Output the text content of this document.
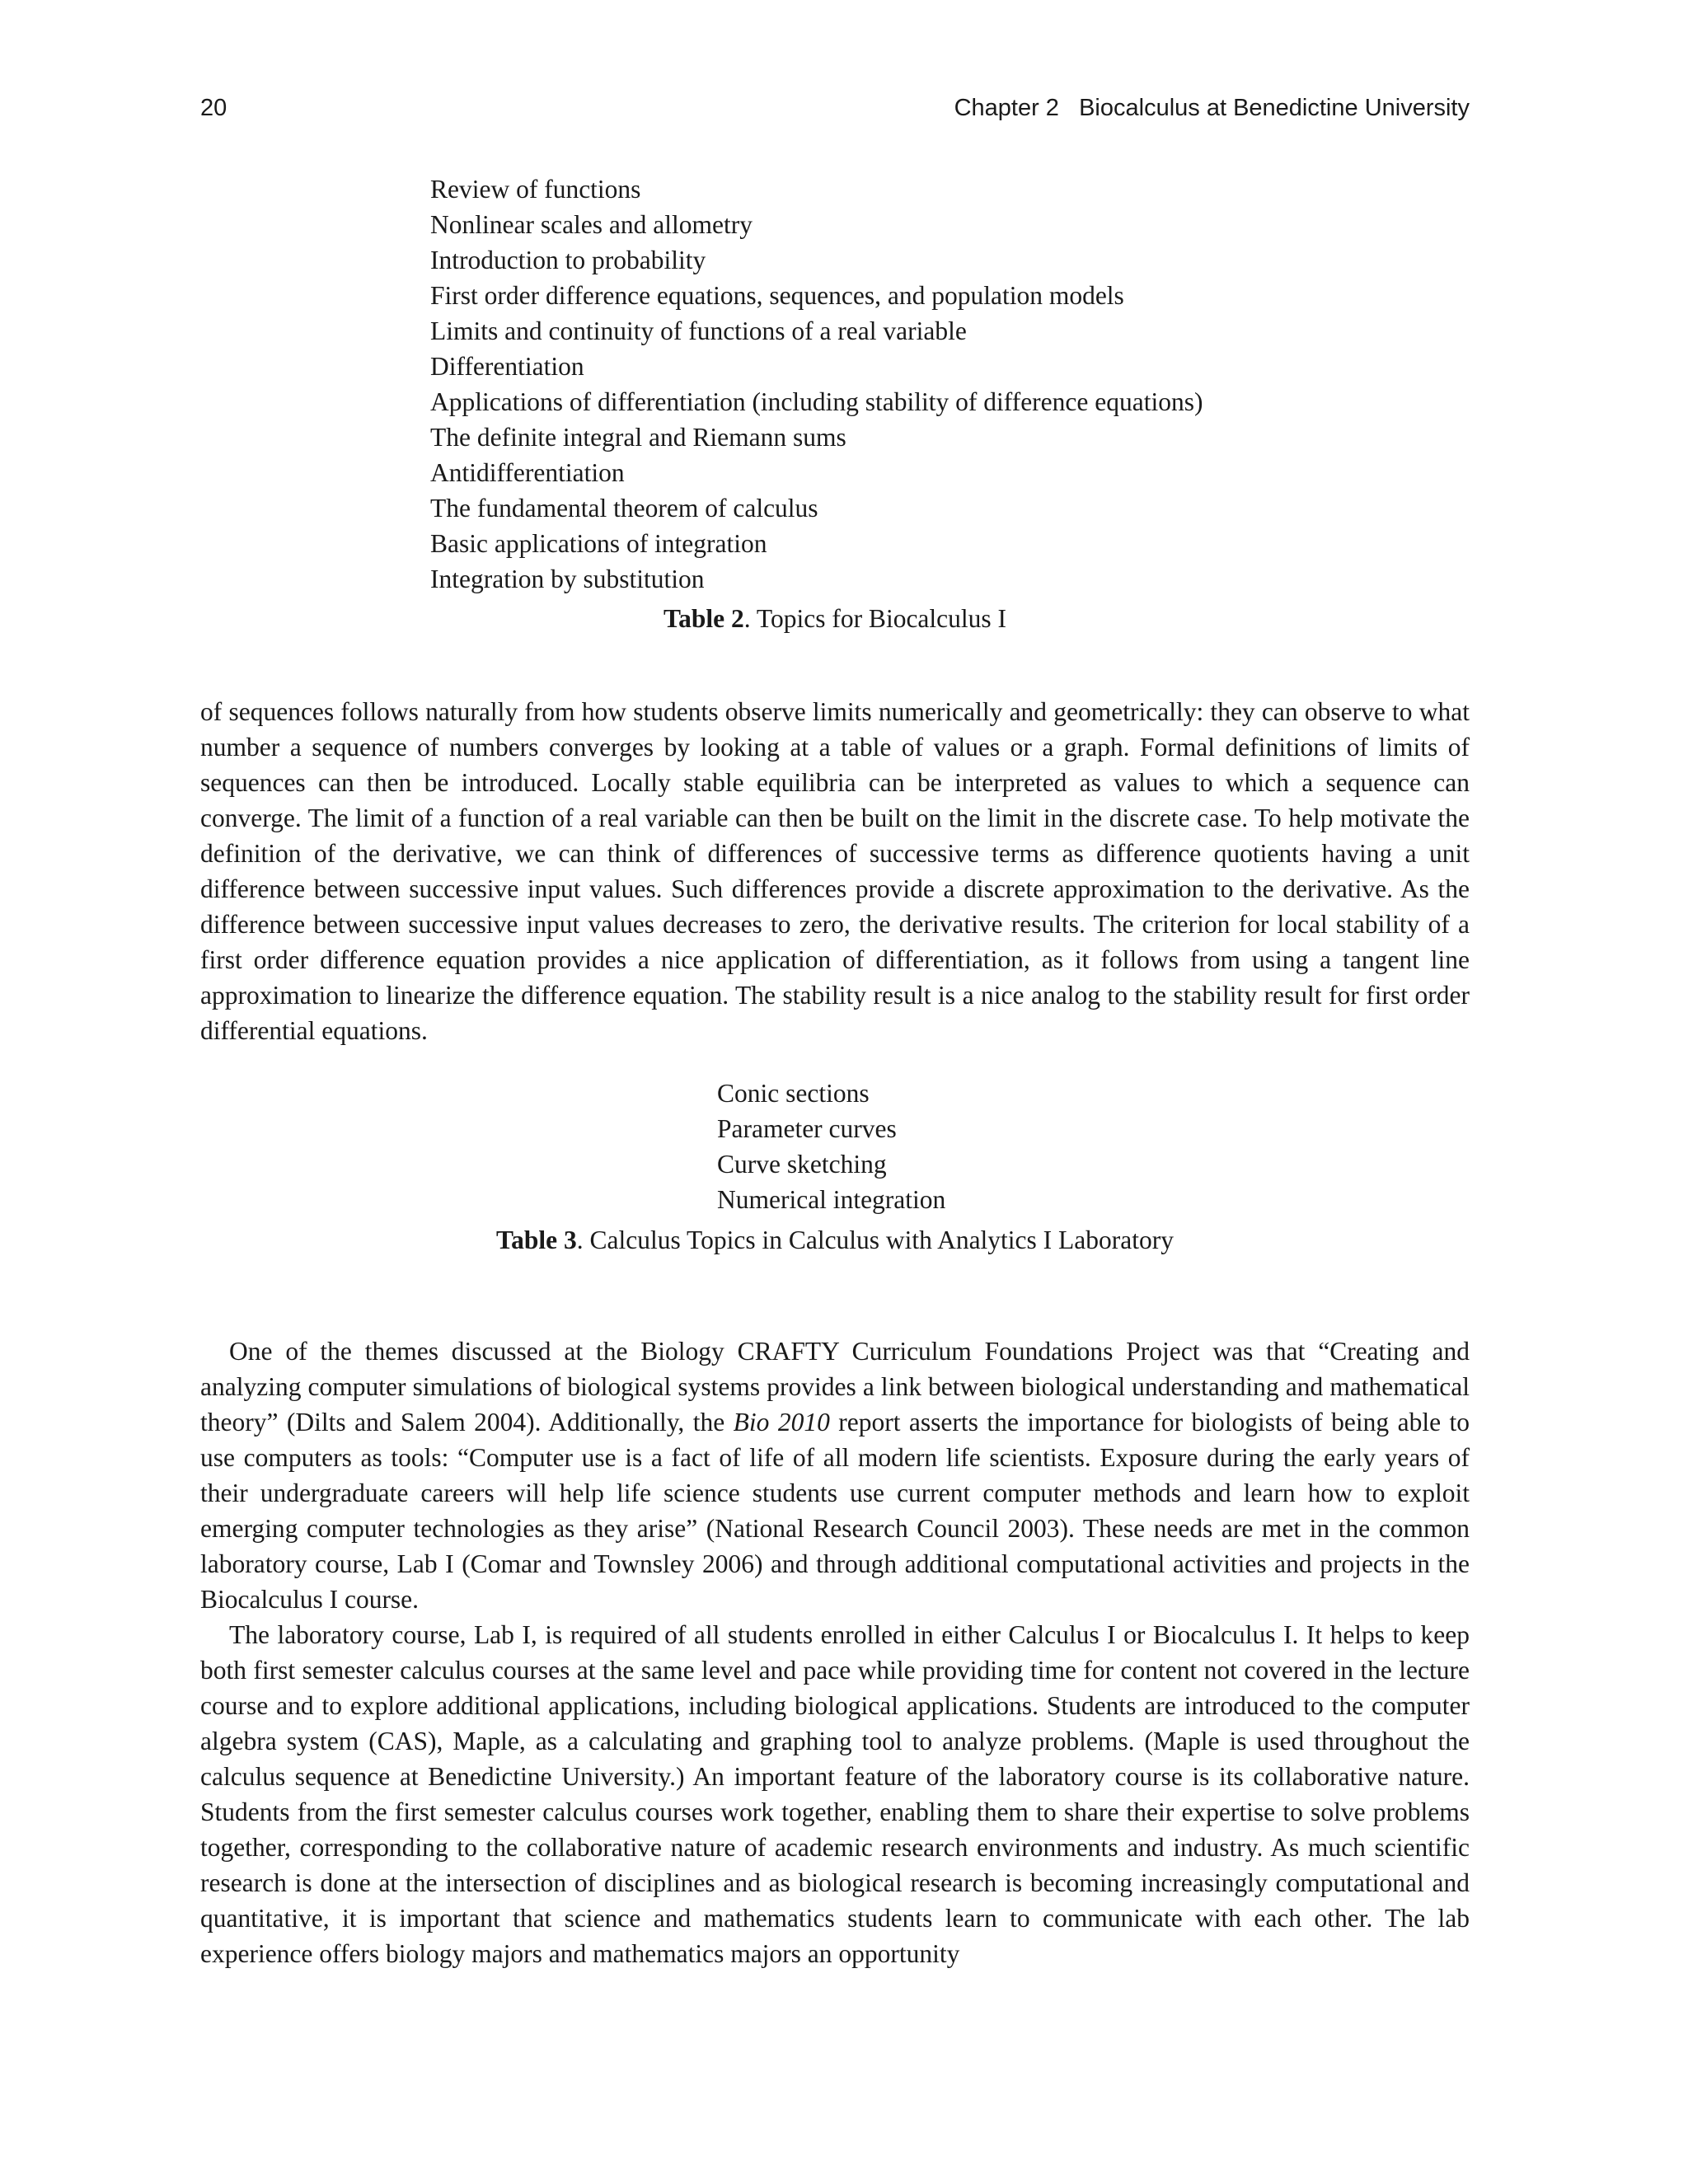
20	Chapter 2   Biocalculus at Benedictine University
Review of functions
Nonlinear scales and allometry
Introduction to probability
First order difference equations, sequences, and population models
Limits and continuity of functions of a real variable
Differentiation
Applications of differentiation (including stability of difference equations)
The definite integral and Riemann sums
Antidifferentiation
The fundamental theorem of calculus
Basic applications of integration
Integration by substitution
Table 2. Topics for Biocalculus I

of sequences follows naturally from how students observe limits numerically and geometrically: they can observe to what number a sequence of numbers converges by looking at a table of values or a graph. Formal definitions of limits of sequences can then be introduced. Locally stable equilibria can be interpreted as values to which a sequence can converge. The limit of a function of a real variable can then be built on the limit in the discrete case. To help motivate the definition of the derivative, we can think of differences of successive terms as difference quotients having a unit difference between successive input values. Such differences provide a discrete approximation to the derivative. As the difference between successive input values decreases to zero, the derivative results. The criterion for local stability of a first order difference equation provides a nice application of differentiation, as it follows from using a tangent line approximation to linearize the difference equation. The stability result is a nice analog to the stability result for first order differential equations.

Conic sections
Parameter curves
Curve sketching
Numerical integration
Table 3. Calculus Topics in Calculus with Analytics I Laboratory

One of the themes discussed at the Biology CRAFTY Curriculum Foundations Project was that “Creating and analyzing computer simulations of biological systems provides a link between biological understanding and mathematical theory” (Dilts and Salem 2004). Additionally, the Bio 2010 report asserts the importance for biologists of being able to use computers as tools: “Computer use is a fact of life of all modern life scientists. Exposure during the early years of their undergraduate careers will help life science students use current computer methods and learn how to exploit emerging computer technologies as they arise” (National Research Council 2003). These needs are met in the common laboratory course, Lab I (Comar and Townsley 2006) and through additional computational activities and projects in the Biocalculus I course.

The laboratory course, Lab I, is required of all students enrolled in either Calculus I or Biocalculus I. It helps to keep both first semester calculus courses at the same level and pace while providing time for content not covered in the lecture course and to explore additional applications, including biological applications. Students are introduced to the computer algebra system (CAS), Maple, as a calculating and graphing tool to analyze problems. (Maple is used throughout the calculus sequence at Benedictine University.) An important feature of the laboratory course is its collaborative nature. Students from the first semester calculus courses work together, enabling them to share their expertise to solve problems together, corresponding to the collaborative nature of academic research environments and industry. As much scientific research is done at the intersection of disciplines and as biological research is becoming increasingly computational and quantitative, it is important that science and mathematics students learn to communicate with each other. The lab experience offers biology majors and mathematics majors an opportunity
